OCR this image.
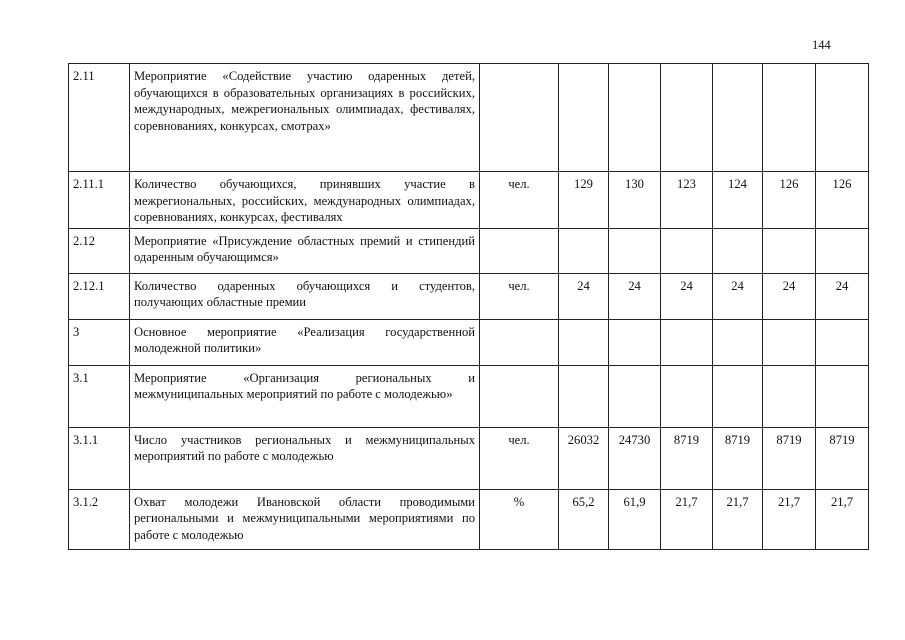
144
2.11	Мероприятие «Содействие участию одаренных детей, обучающихся в образовательных организациях в российских, международных, межрегиональных олимпиадах, фестивалях, соревнованиях, конкурсах, смотрах»							
2.11.1	Количество обучающихся, принявших участие в межрегиональных, российских, международных олимпиадах, соревнованиях, конкурсах, фестивалях	чел.	129	130	123	124	126	126
2.12	Мероприятие «Присуждение областных премий и стипендий одаренным обучающимся»							
2.12.1	Количество одаренных обучающихся и студентов, получающих областные премии	чел.	24	24	24	24	24	24
3	Основное мероприятие «Реализация государственной молодежной политики»							
3.1	Мероприятие «Организация региональных и межмуниципальных мероприятий по работе с молодежью»							
3.1.1	Число участников региональных и межмуниципальных мероприятий по работе с молодежью	чел.	26032	24730	8719	8719	8719	8719
3.1.2	Охват молодежи Ивановской области проводимыми региональными и межмуниципальными мероприятиями по работе с молодежью	%	65,2	61,9	21,7	21,7	21,7	21,7
